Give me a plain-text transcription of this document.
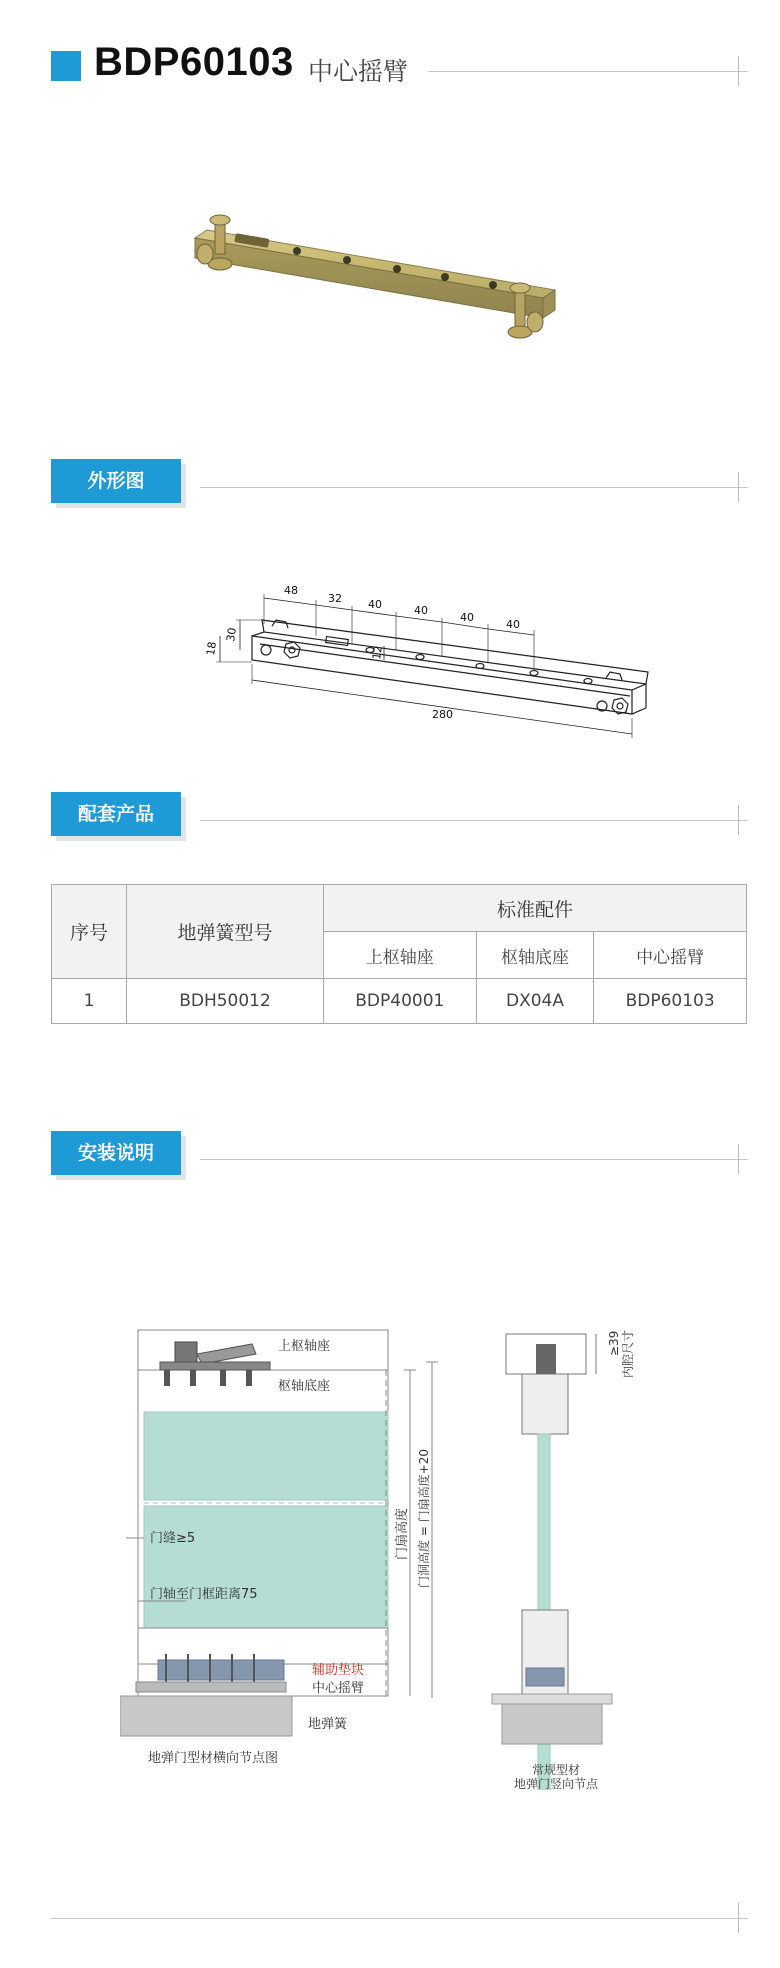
BDP60103 中心摇臂
外形图
48
32 40	40
40
40
30
18	12
280
配套产品
序号	地弹簧型号	标准配件		
		上枢轴座	枢轴底座	中心摇臂
1	BDH50012	BDP40001	DX04A	BDP60103
安装说明
上枢轴座
枢轴底座
门缝≥5
门轴至门框距离75
辅助垫块
中心摇臂
地弹簧
门扇高度 门洞高度 = 门扇高度+20
地弹门型材横向节点图
≥39 内腔尺寸
常规型材
地弹门竖向节点
